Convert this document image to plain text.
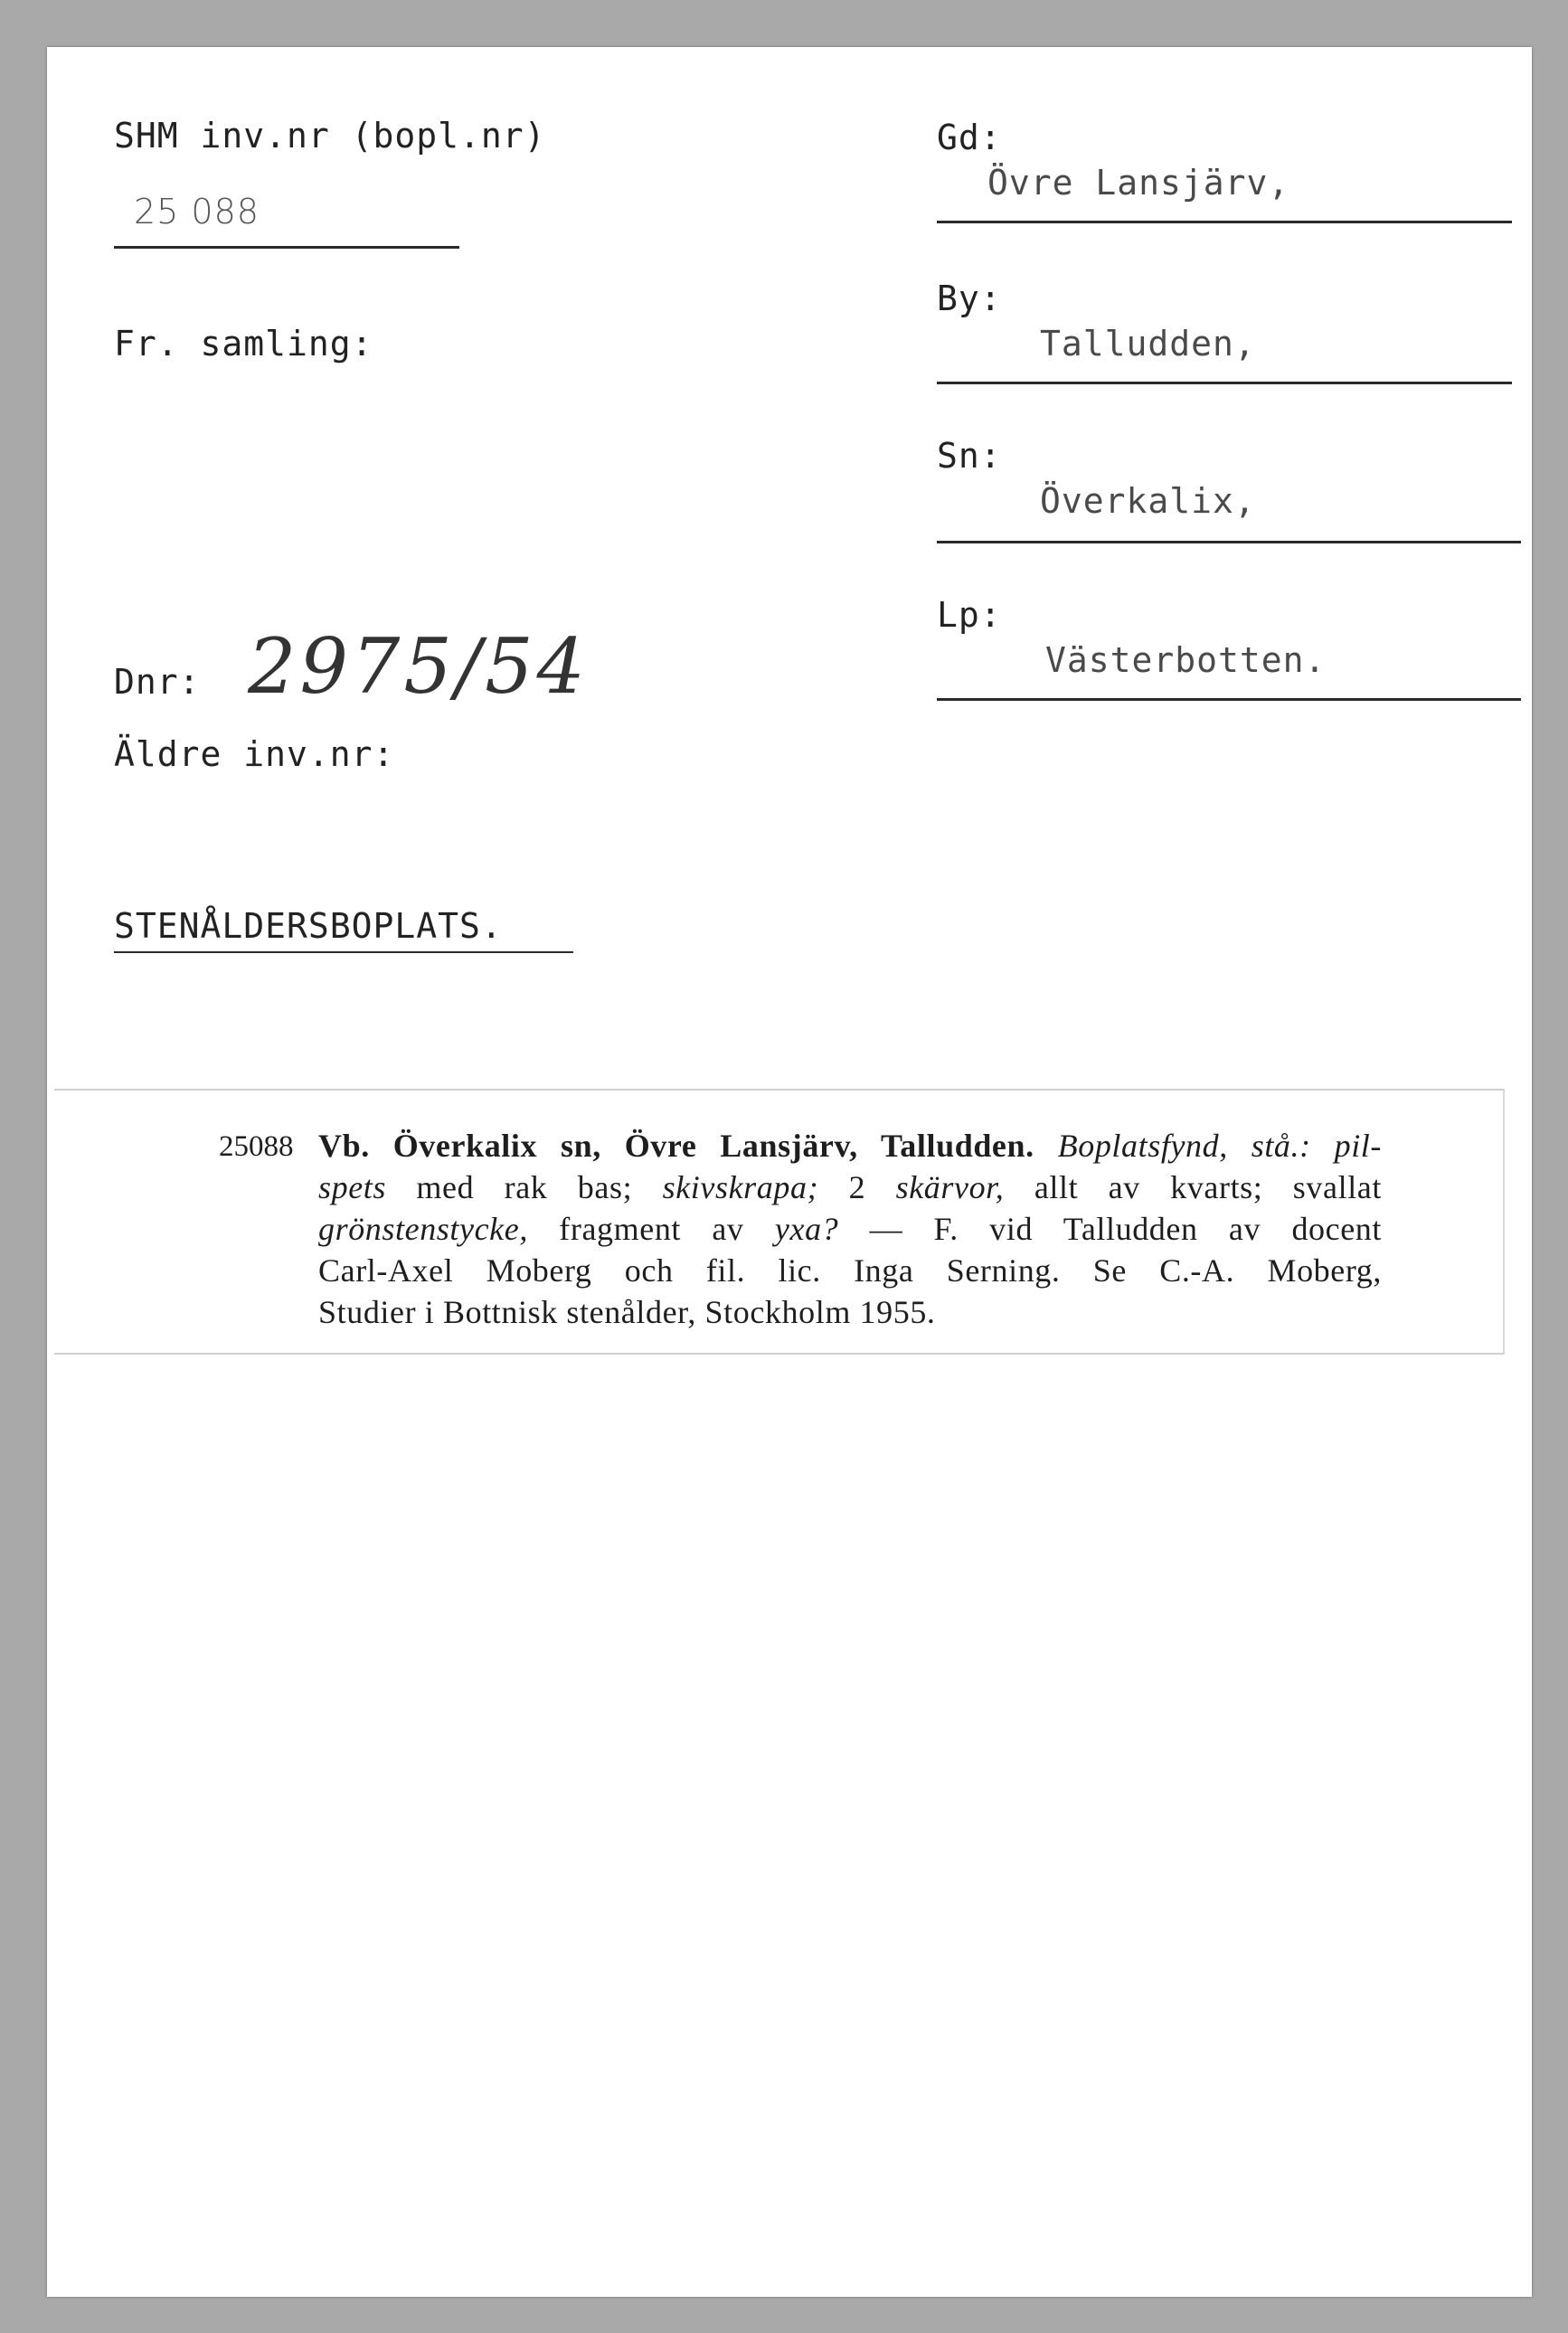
SHM inv.nr (bopl.nr)
25 088
Fr. samling:
Dnr: 2975/54
Äldre inv.nr:
STENÅLDERSBOPLATS.
Gd:
Övre Lansjärv,
By:
Talludden,
Sn:
Överkalix,
Lp:
Västerbotten.
25088 Vb. Överkalix sn, Övre Lansjärv, Talludden. Boplatsfynd, stå.: pil-
spets med rak bas; skivskrapa; 2 skärvor, allt av kvarts; svallat
grönstenstycke, fragment av yxa? — F. vid Talludden av docent
Carl-Axel Moberg och fil. lic. Inga Serning. Se C.-A. Moberg,
Studier i Bottnisk stenålder, Stockholm 1955.
